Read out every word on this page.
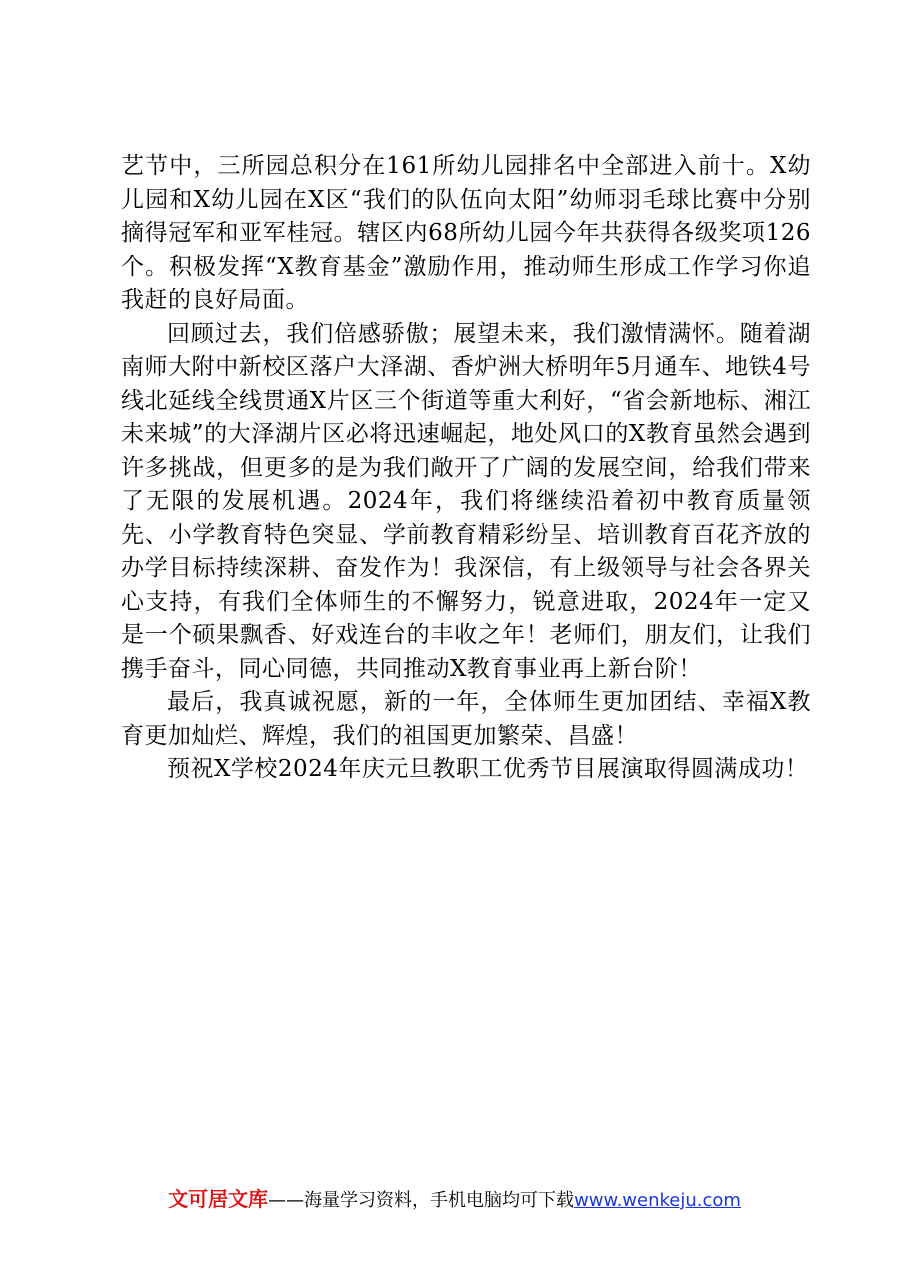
艺节中，三所园总积分在161所幼儿园排名中全部进入前十。X幼儿园和X幼儿园在X区“我们的队伍向太阳”幼师羽毛球比赛中分别摘得冠军和亚军桂冠。辖区内68所幼儿园今年共获得各级奖项126个。积极发挥“X教育基金”激励作用，推动师生形成工作学习你追我赶的良好局面。

回顾过去，我们倍感骄傲；展望未来，我们激情满怀。随着湖南师大附中新校区落户大泽湖、香炉洲大桥明年5月通车、地铁4号线北延线全线贯通X片区三个街道等重大利好，“省会新地标、湘江未来城”的大泽湖片区必将迅速崛起，地处风口的X教育虽然会遇到许多挑战，但更多的是为我们敞开了广阔的发展空间，给我们带来了无限的发展机遇。2024年，我们将继续沿着初中教育质量领先、小学教育特色突显、学前教育精彩纷呈、培训教育百花齐放的办学目标持续深耕、奋发作为！我深信，有上级领导与社会各界关心支持，有我们全体师生的不懈努力，锐意进取，2024年一定又是一个硕果飘香、好戏连台的丰收之年！老师们，朋友们，让我们携手奋斗，同心同德，共同推动X教育事业再上新台阶！

最后，我真诚祝愿，新的一年，全体师生更加团结、幸福X教育更加灿烂、辉煌，我们的祖国更加繁荣、昌盛！

预祝X学校2024年庆元旦教职工优秀节目展演取得圆满成功！

文可居文库——海量学习资料，手机电脑均可下载www.wenkeju.com
